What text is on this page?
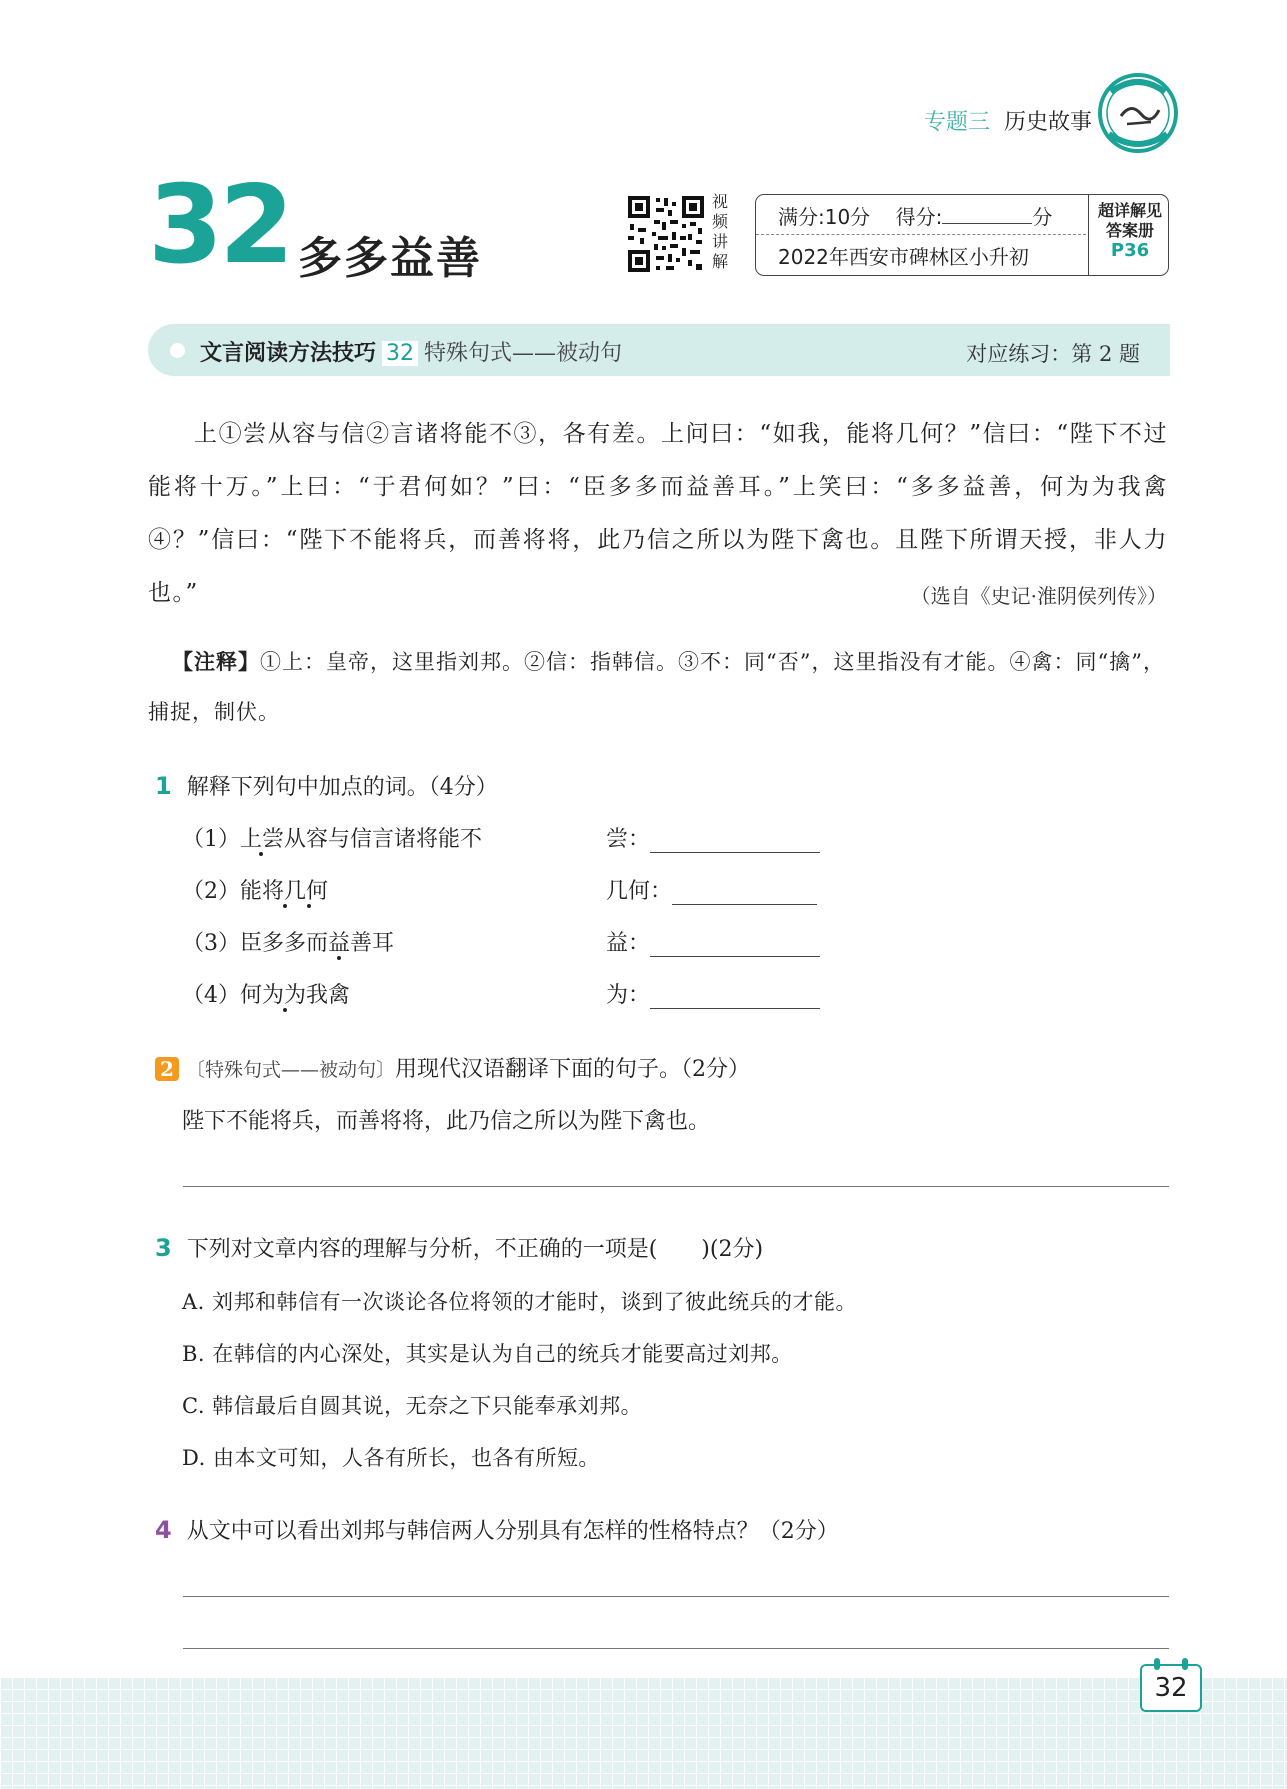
专题三 历史故事
32 多多益善
视频讲解
满分:10分 得分:	分
2022年西安市碑林区小升初
超详解见答案册
P36
文言阅读方法技巧 32 特殊句式——被动句	对应练习：第 2 题
上①尝从容与信②言诸将能不③，各有差。上问曰：“如我，能将几何？”信曰：“陛下不过能将十万。”上曰：“于君何如？”曰：“臣多多而益善耳。”上笑曰：“多多益善，何为为我禽④？”信曰：“陛下不能将兵，而善将将，此乃信之所以为陛下禽也。且陛下所谓天授，非人力也。”	（选自《史记·淮阴侯列传》）
【注释】①上：皇帝，这里指刘邦。②信：指韩信。③不：同“否”，这里指没有才能。④禽：同“擒”，捕捉，制伏。
1 解释下列句中加点的词。（4分）
（1）上尝从容与信言诸将能不	尝：
（2）能将几何	几何：
（3）臣多多而益善耳	益：
（4）何为为我禽	为：
2 〔特殊句式——被动句〕用现代汉语翻译下面的句子。（2分）
陛下不能将兵，而善将将，此乃信之所以为陛下禽也。
3 下列对文章内容的理解与分析，不正确的一项是(　　)(2分)
A. 刘邦和韩信有一次谈论各位将领的才能时，谈到了彼此统兵的才能。
B. 在韩信的内心深处，其实是认为自己的统兵才能要高过刘邦。
C. 韩信最后自圆其说，无奈之下只能奉承刘邦。
D. 由本文可知，人各有所长，也各有所短。
4 从文中可以看出刘邦与韩信两人分别具有怎样的性格特点？（2分）
32
